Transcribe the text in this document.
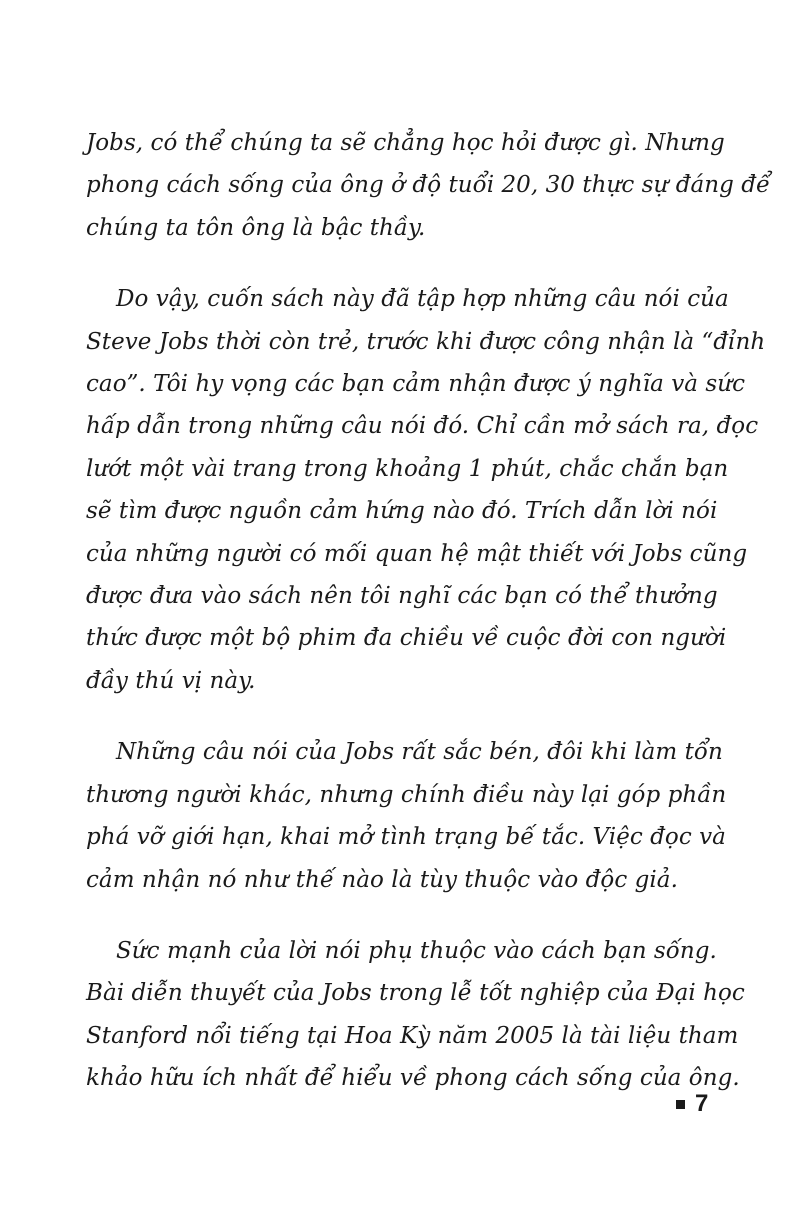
Jobs, có thể chúng ta sẽ chẳng học hỏi được gì. Nhưng
phong cách sống của ông ở độ tuổi 20, 30 thực sự đáng để
chúng ta tôn ông là bậc thầy.
Do vậy, cuốn sách này đã tập hợp những câu nói của
Steve Jobs thời còn trẻ, trước khi được công nhận là “đỉnh
cao”. Tôi hy vọng các bạn cảm nhận được ý nghĩa và sức
hấp dẫn trong những câu nói đó. Chỉ cần mở sách ra, đọc
lướt một vài trang trong khoảng 1 phút, chắc chắn bạn
sẽ tìm được nguồn cảm hứng nào đó. Trích dẫn lời nói
của những người có mối quan hệ mật thiết với Jobs cũng
được đưa vào sách nên tôi nghĩ các bạn có thể thưởng
thức được một bộ phim đa chiều về cuộc đời con người
đầy thú vị này.
Những câu nói của Jobs rất sắc bén, đôi khi làm tổn
thương người khác, nhưng chính điều này lại góp phần
phá vỡ giới hạn, khai mở tình trạng bế tắc. Việc đọc và
cảm nhận nó như thế nào là tùy thuộc vào độc giả.
Sức mạnh của lời nói phụ thuộc vào cách bạn sống.
Bài diễn thuyết của Jobs trong lễ tốt nghiệp của Đại học
Stanford nổi tiếng tại Hoa Kỳ năm 2005 là tài liệu tham
khảo hữu ích nhất để hiểu về phong cách sống của ông.
7
